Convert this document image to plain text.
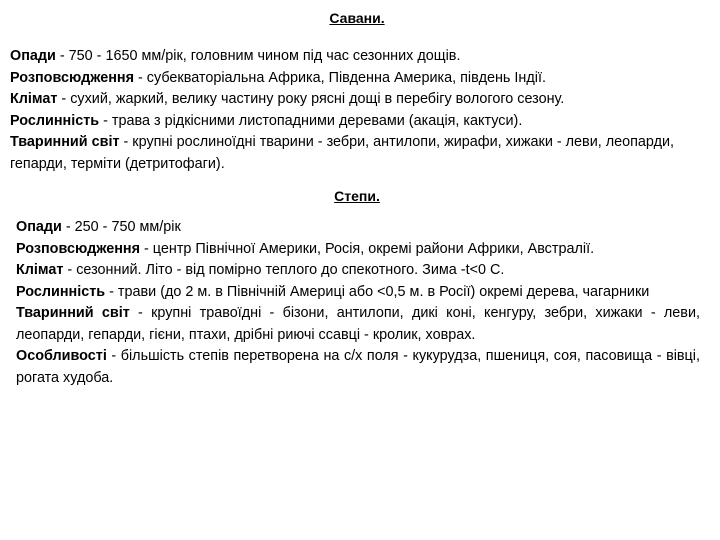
Савани.

Опади - 750 - 1650 мм/рік, головним чином під час сезонних дощів.

Розповсюдження - субекваторіальна Африка, Південна Америка, південь Індії.

Клімат - сухий, жаркий, велику частину року рясні дощі в перебігу вологого сезону.

Рослинність - трава з рідкісними листопадними деревами (акація, кактуси).

Тваринний світ - крупні рослиноїдні тварини - зебри, антилопи, жирафи, хижаки - леви, леопарди, гепарди, терміти (детритофаги).

Степи.

Опади - 250 - 750 мм/рік

Розповсюдження - центр Північної Америки, Росія, окремі райони Африки, Австралії.

Клімат - сезонний. Літо - від помірно теплого до спекотного. Зима -t<0 С.

Рослинність - трави (до 2 м. в Північній Америці або <0,5 м. в Росії) окремі дерева, чагарники

Тваринний світ - крупні травоїдні - бізони, антилопи, дикі коні, кенгуру, зебри, хижаки - леви, леопарди, гепарди, гієни, птахи, дрібні риючі ссавці - кролик, ховрах.

Особливості - більшість степів перетворена на с/х поля - кукурудза, пшениця, соя, пасовища - вівці, рогата худоба.
